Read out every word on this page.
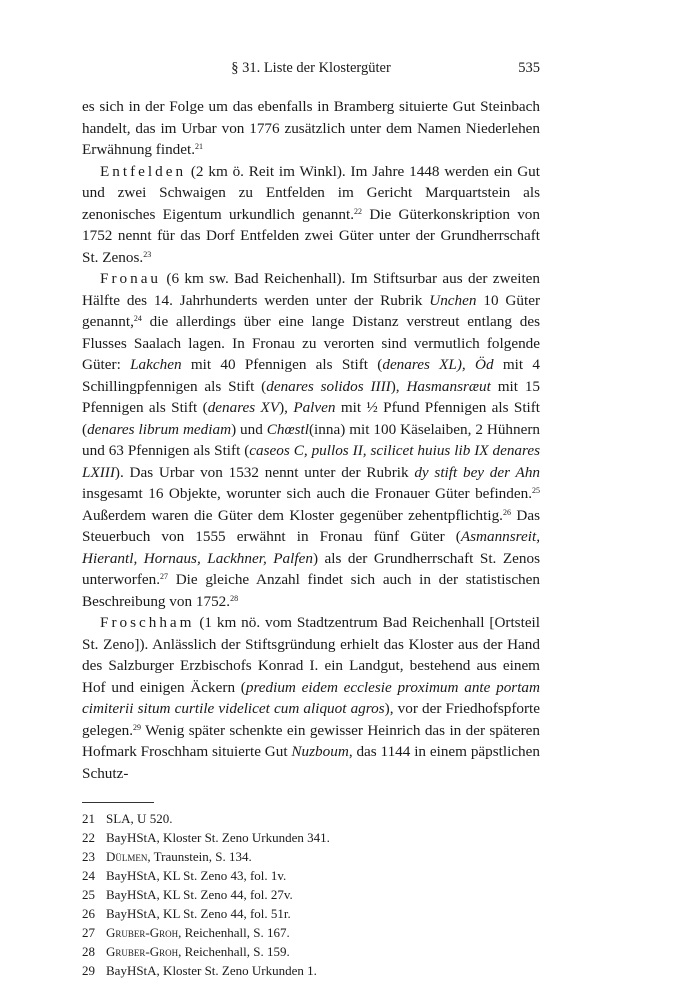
§ 31. Liste der Klostergüter	535

es sich in der Folge um das ebenfalls in Bramberg situierte Gut Steinbach handelt, das im Urbar von 1776 zusätzlich unter dem Namen Niederlehen Erwähnung findet.$^{21}$

Entfelden (2 km ö. Reit im Winkl). Im Jahre 1448 werden ein Gut und zwei Schwaigen zu Entfelden im Gericht Marquartstein als zenonisches Eigentum urkundlich genannt.$^{22}$ Die Güterkonskription von 1752 nennt für das Dorf Entfelden zwei Güter unter der Grundherrschaft St. Zenos.$^{23}$

Fronau (6 km sw. Bad Reichenhall). Im Stiftsurbar aus der zweiten Hälfte des 14. Jahrhunderts werden unter der Rubrik Unchen 10 Güter genannt,$^{24}$ die allerdings über eine lange Distanz verstreut entlang des Flusses Saalach lagen. In Fronau zu verorten sind vermutlich folgende Güter: Lakchen mit 40 Pfennigen als Stift (denares XL), Öd mit 4 Schillingpfennigen als Stift (denares solidos IIII), Hasmansræut mit 15 Pfennigen als Stift (denares XV), Palven mit ½ Pfund Pfennigen als Stift (denares librum mediam) und Chœstl(inna) mit 100 Käselaiben, 2 Hühnern und 63 Pfennigen als Stift (caseos C, pullos II, scilicet huius lib IX denares LXIII). Das Urbar von 1532 nennt unter der Rubrik dy stift bey der Ahn insgesamt 16 Objekte, worunter sich auch die Fronauer Güter befinden.$^{25}$ Außerdem waren die Güter dem Kloster gegenüber zehentpflichtig.$^{26}$ Das Steuerbuch von 1555 erwähnt in Fronau fünf Güter (Asmannsreit, Hierantl, Hornaus, Lackhner, Palfen) als der Grundherrschaft St. Zenos unterworfen.$^{27}$ Die gleiche Anzahl findet sich auch in der statistischen Beschreibung von 1752.28

Froschham (1 km nö. vom Stadtzentrum Bad Reichenhall [Ortsteil St. Zeno]). Anlässlich der Stiftsgründung erhielt das Kloster aus der Hand des Salzburger Erzbischofs Konrad I. ein Landgut, bestehend aus einem Hof und einigen Äckern (predium eidem ecclesie proximum ante portam cimiterii situm curtile videlicet cum aliquot agros), vor der Friedhofspforte gelegen.$^{29}$ Wenig später schenkte ein gewisser Heinrich das in der späteren Hofmark Froschham situierte Gut Nuzboum, das 1144 in einem päpstlichen Schutz-

21 SLA, U 520.
22 BayHStA, Kloster St. Zeno Urkunden 341.
23 Dülmen, Traunstein, S. 134.
24 BayHStA, KL St. Zeno 43, fol. 1v.
25 BayHStA, KL St. Zeno 44, fol. 27v.
26 BayHStA, KL St. Zeno 44, fol. 51r.
27 Gruber-Groh, Reichenhall, S. 167.
28 Gruber-Groh, Reichenhall, S. 159.
29 BayHStA, Kloster St. Zeno Urkunden 1.
